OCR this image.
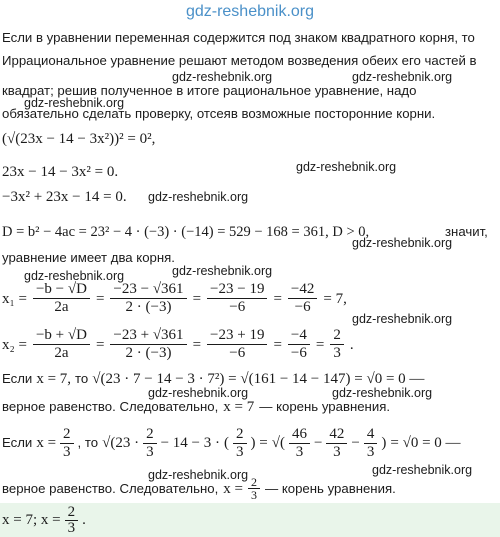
gdz-reshebnik.org
Если в уравнении переменная содержится под знаком квадратного корня, то
Иррациональное уравнение решают методом возведения обеих его частей в
квадрат; решив полученное в итоге рациональное уравнение, надо
обязательно сделать проверку, отсеяв возможные посторонние корни.
gdz-reshebnik.org	gdz-reshebnik.org
gdz-reshebnik.org
gdz-reshebnik.org
gdz-reshebnik.org
gdz-reshebnik.org
gdz-reshebnik.org	gdz-reshebnik.org
gdz-reshebnik.org
gdz-reshebnik.org	gdz-reshebnik.org
gdz-reshebnik.org	gdz-reshebnik.org
(√(23x − 14 − 3x²))² = 0²,
23x − 14 − 3x² = 0.
−3x² + 23x − 14 = 0.
D = b² − 4ac = 23² − 4 · (−3) · (−14) = 529 − 168 = 361, D > 0,	значит,
уравнение имеет два корня.
$x_1 = \frac{-b - √D}{2a} = \frac{-23 - √361}{2 \cdot (-3)} = \frac{-23 - 19}{-6} = \frac{-42}{-6} = 7$,
$x_2 = \frac{-b + √D}{2a} = \frac{-23 + √361}{2 \cdot (-3)} = \frac{-23 + 19}{-6} = \frac{-4}{-6} = \frac{2}{3}$ .
Если x = 7, то √(23 · 7 − 14 − 3 · 7²) = √(161 − 14 − 147) = √0 = 0 —
верное равенство. Следовательно, x = 7 — корень уравнения.
Если $x = \frac{2}{3}$ , то $√(23 \cdot \frac{2}{3} - 14 - 3$ · ( $\frac{2}{3}$ ) = √( $\frac{46}{3} - \frac{42}{3} - \frac{4}{3}$ ) = √0 = 0 —
верное равенство. Следовательно, $x = \frac{2}{3}$ — корень уравнения.
x = 7; $x = \frac{2}{3}$ .
